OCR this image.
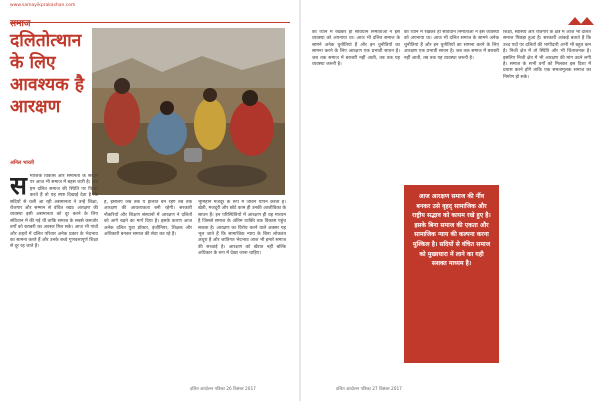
www.samayikprakashan.com
समाज
दलितोत्थान
के लिए
आवश्यक है
आरक्षण
अनिल भारती
समाजिक विकास और समानता के सवाल पर आज भी समाज में बहस जारी है। जब हम दलित समाज की स्थिति पर विचार करते हैं तो यह स्पष्ट दिखाई देता है कि सदियों से चली आ रही असमानता ने उन्हें शिक्षा, रोजगार और सम्मान से वंचित रखा। आरक्षण की व्यवस्था इसी असमानता को दूर करने के लिए संविधान में की गई थी ताकि समाज के सबसे कमजोर वर्गों को बराबरी का अवसर मिल सके। आज भी गांवों और शहरों में दलित परिवार अनेक प्रकार के भेदभाव का सामना करते हैं और उनके बच्चे गुणवत्तापूर्ण शिक्षा से दूर रह जाते हैं।
है, इसलिए जब तक ये हालात बने रहेंगे तब तक आरक्षण की आवश्यकता बनी रहेगी। सरकारी नौकरियों और शिक्षण संस्थानों में आरक्षण ने दलितों को आगे बढ़ने का मार्ग दिया है। इसके कारण आज अनेक दलित युवा डॉक्टर, इंजीनियर, शिक्षक और अधिकारी बनकर समाज की सेवा कर रहे हैं।
भूमिहीन मजदूर के रूप में जीवन यापन करता है। खेती, मजदूरी और छोटे काम ही उनकी आजीविका के साधन हैं। इन परिस्थितियों में आरक्षण ही वह माध्यम है जिससे समाज के अंतिम व्यक्ति तक विकास पहुंच सकता है। आरक्षण का विरोध करने वाले अक्सर यह भूल जाते हैं कि सामाजिक न्याय के बिना लोकतंत्र अधूरा है और जातिगत भेदभाव आज भी हमारे समाज की सच्चाई है। आरक्षण को खैरात नहीं बल्कि अधिकार के रूप में देखा जाना चाहिए।
को ध्यान में रखकर ही संविधान निर्माताओं ने इस व्यवस्था को अपनाया था। आज भी दलित समाज के सामने अनेक चुनौतियां हैं और इन चुनौतियों का सामना करने के लिए आरक्षण एक प्रभावी साधन है। जब तक समाज में बराबरी नहीं आती, तब तक यह व्यवस्था जरूरी है।
को ध्यान में रखकर ही संविधान निर्माताओं ने इस व्यवस्था को अपनाया था। आज भी दलित समाज के सामने अनेक चुनौतियां हैं और इन चुनौतियों का सामना करने के लिए आरक्षण एक प्रभावी साधन है। जब तक समाज में बराबरी नहीं आती, तब तक यह व्यवस्था जरूरी है।
आज आरक्षण समाज की नींव बनकर उसे वृहद् सामाजिक और राष्ट्रीय सद्भाव को कायम रखे हुए है। इसके बिना समाज की एकता और सामाजिक न्याय की कल्पना करना मुश्किल है। सदियों से वंचित समाज को मुख्यधारा में लाने का यही सशक्त माध्यम है।
शिक्षा, स्वास्थ्य और रोजगार के क्षेत्र में आज भी दलित समाज पिछड़ा हुआ है। सरकारी आंकड़े बताते हैं कि उच्च पदों पर दलितों की भागीदारी अभी भी बहुत कम है। निजी क्षेत्र में तो स्थिति और भी चिंताजनक है। इसलिए निजी क्षेत्र में भी आरक्षण की मांग उठने लगी है। समाज के सभी वर्गों को मिलकर इस दिशा में प्रयास करने होंगे ताकि एक समतामूलक समाज का निर्माण हो सके।
दलित आंदोलन पत्रिका 26 दिसंबर 2017	दलित आंदोलन पत्रिका 27 दिसंबर 2017
